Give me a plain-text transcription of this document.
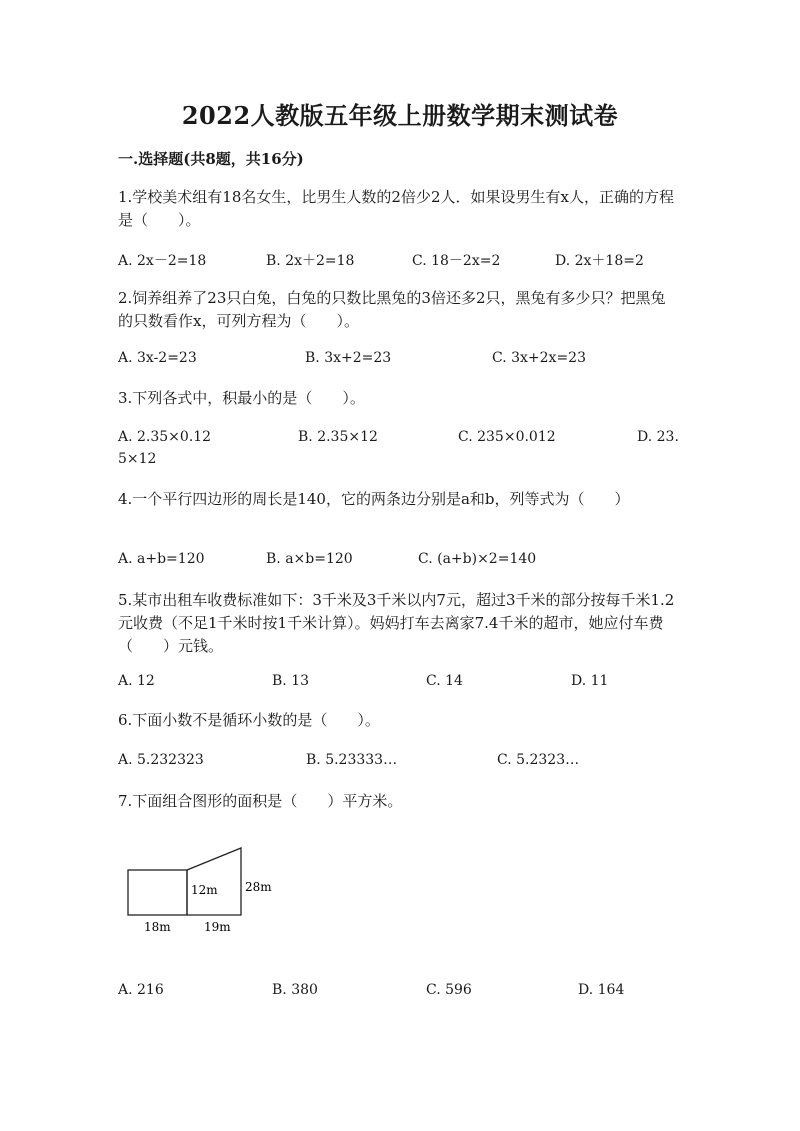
2022人教版五年级上册数学期末测试卷
一.选择题(共8题，共16分)
1.学校美术组有18名女生，比男生人数的2倍少2人．如果设男生有x人，正确的方程是（　　）。
A. 2x－2=18	B. 2x＋2=18	C. 18－2x=2	D. 2x＋18=2
2.饲养组养了23只白兔，白兔的只数比黑兔的3倍还多2只，黑兔有多少只？把黑兔的只数看作x，可列方程为（　　）。
A. 3x-2=23	B. 3x+2=23	C. 3x+2x=23
3.下列各式中，积最小的是（　　）。
A. 2.35×0.12	B. 2.35×12	C. 235×0.012	D. 23.
5×12
4.一个平行四边形的周长是140，它的两条边分别是a和b，列等式为（　　）
A. a+b=120	B. a×b=120	C. (a+b)×2=140
5.某市出租车收费标准如下：3千米及3千米以内7元，超过3千米的部分按每千米1.2元收费（不足1千米时按1千米计算）。妈妈打车去离家7.4千米的超市，她应付车费（　　）元钱。
A. 12	B. 13	C. 14	D. 11
6.下面小数不是循环小数的是（　　）。
A. 5.232323	B. 5.23333…	C. 5.2323…
7.下面组合图形的面积是（　　）平方米。
12m 28m
18m	19m
A. 216	B. 380	C. 596	D. 164
